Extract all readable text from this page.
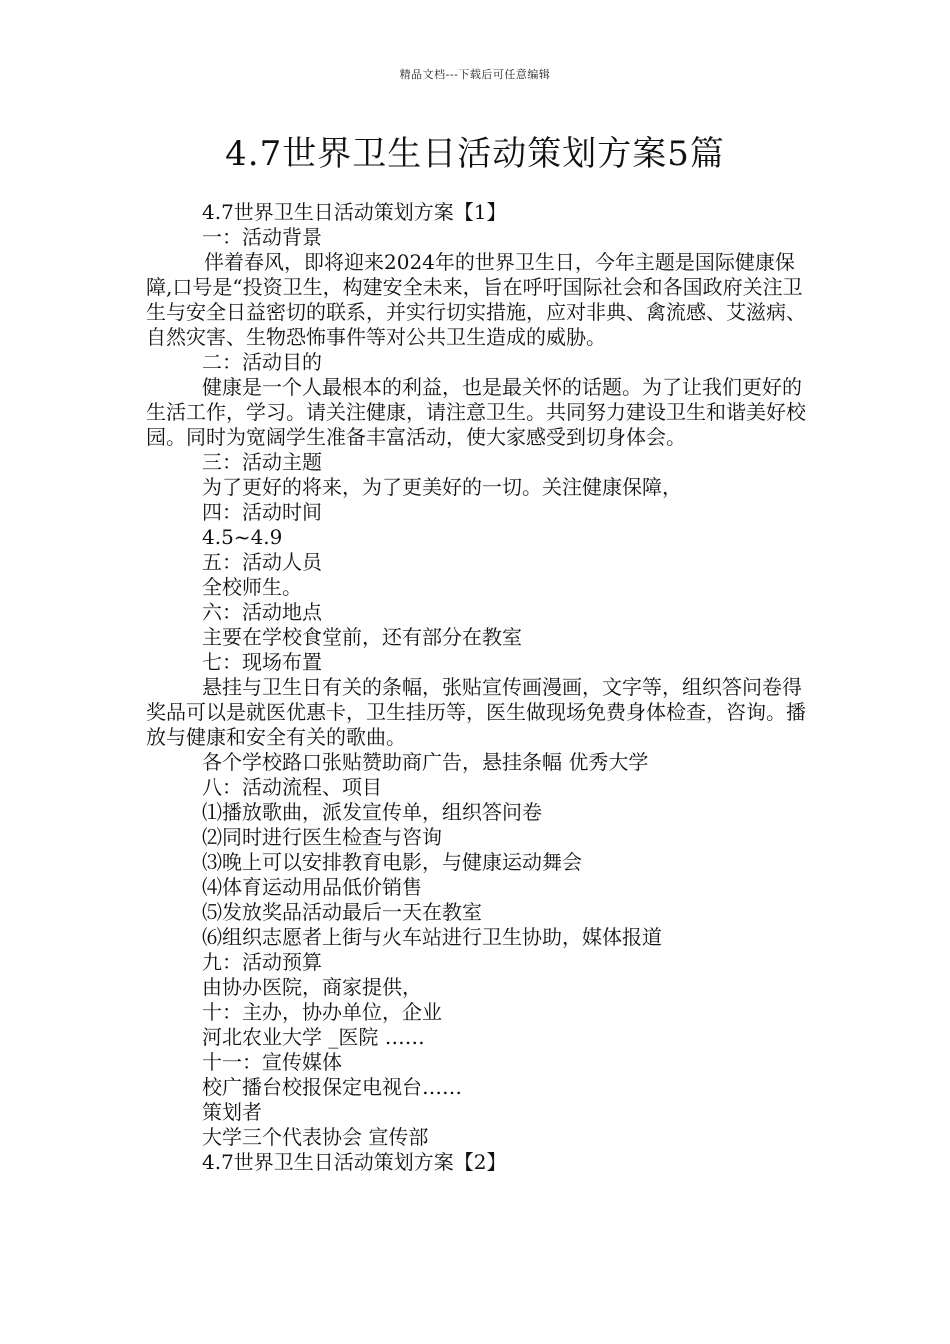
精品文档---下载后可任意编辑
4.7世界卫生日活动策划方案5篇

4.7世界卫生日活动策划方案【1】

一：活动背景

伴着春风，即将迎来2024年的世界卫生日，今年主题是国际健康保障,口号是“投资卫生，构建安全未来，旨在呼吁国际社会和各国政府关注卫生与安全日益密切的联系，并实行切实措施，应对非典、禽流感、艾滋病、自然灾害、生物恐怖事件等对公共卫生造成的威胁。

二：活动目的

健康是一个人最根本的利益，也是最关怀的话题。为了让我们更好的生活工作，学习。请关注健康，请注意卫生。共同努力建设卫生和谐美好校园。同时为宽阔学生准备丰富活动，使大家感受到切身体会。

三：活动主题

为了更好的将来，为了更美好的一切。关注健康保障，

四：活动时间

4.5~4.9

五：活动人员

全校师生。

六：活动地点

主要在学校食堂前，还有部分在教室

七：现场布置

悬挂与卫生日有关的条幅，张贴宣传画漫画，文字等，组织答问卷得奖品可以是就医优惠卡，卫生挂历等，医生做现场免费身体检查，咨询。播放与健康和安全有关的歌曲。

各个学校路口张贴赞助商广告，悬挂条幅 优秀大学

八：活动流程、项目

⑴播放歌曲，派发宣传单，组织答问卷

⑵同时进行医生检查与咨询

⑶晚上可以安排教育电影，与健康运动舞会

⑷体育运动用品低价销售

⑸发放奖品活动最后一天在教室

⑹组织志愿者上街与火车站进行卫生协助，媒体报道

九：活动预算

由协办医院，商家提供，

十：主办，协办单位，企业

河北农业大学 _医院 ……

十一：宣传媒体

校广播台校报保定电视台……

策划者

大学三个代表协会 宣传部

4.7世界卫生日活动策划方案【2】
